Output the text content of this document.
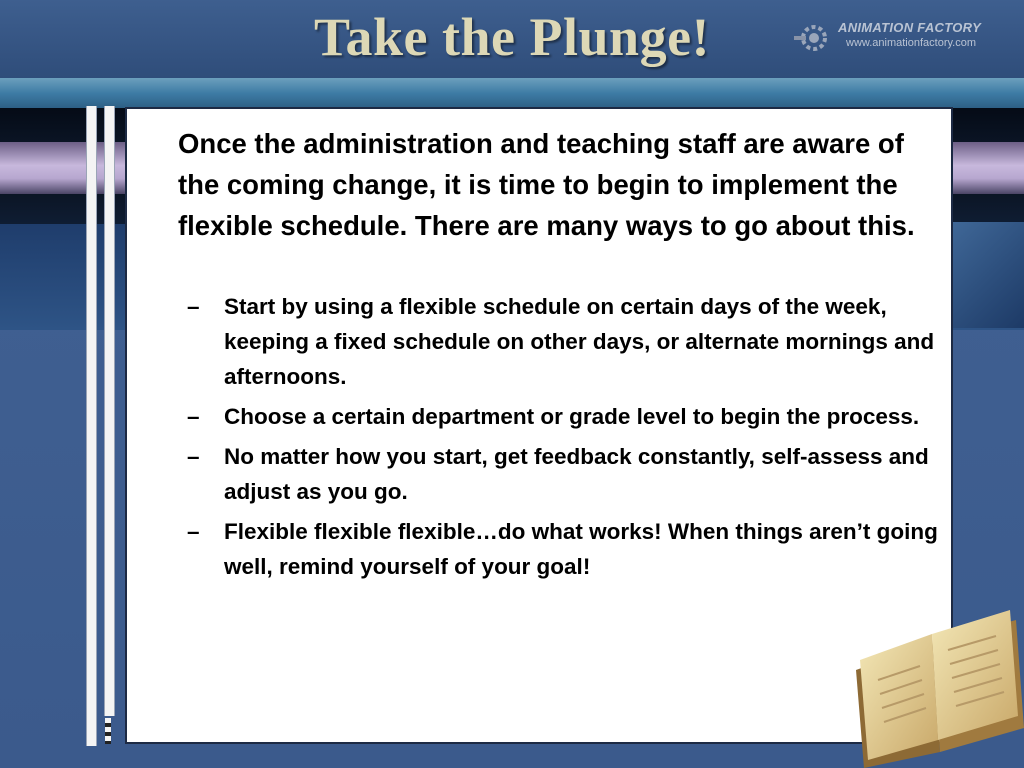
Take the Plunge!	ANIMATION FACTORY
www.animationfactory.com
Once the administration and teaching staff are aware of the coming change, it is time to begin to implement the flexible schedule. There are many ways to go about this.
– Start by using a flexible schedule on certain days of the week, keeping a fixed schedule on other days, or alternate mornings and afternoons.
– Choose a certain department or grade level to begin the process.
– No matter how you start, get feedback constantly, self-assess and adjust as you go.
– Flexible flexible flexible…do what works! When things aren’t going well, remind yourself of your goal!
